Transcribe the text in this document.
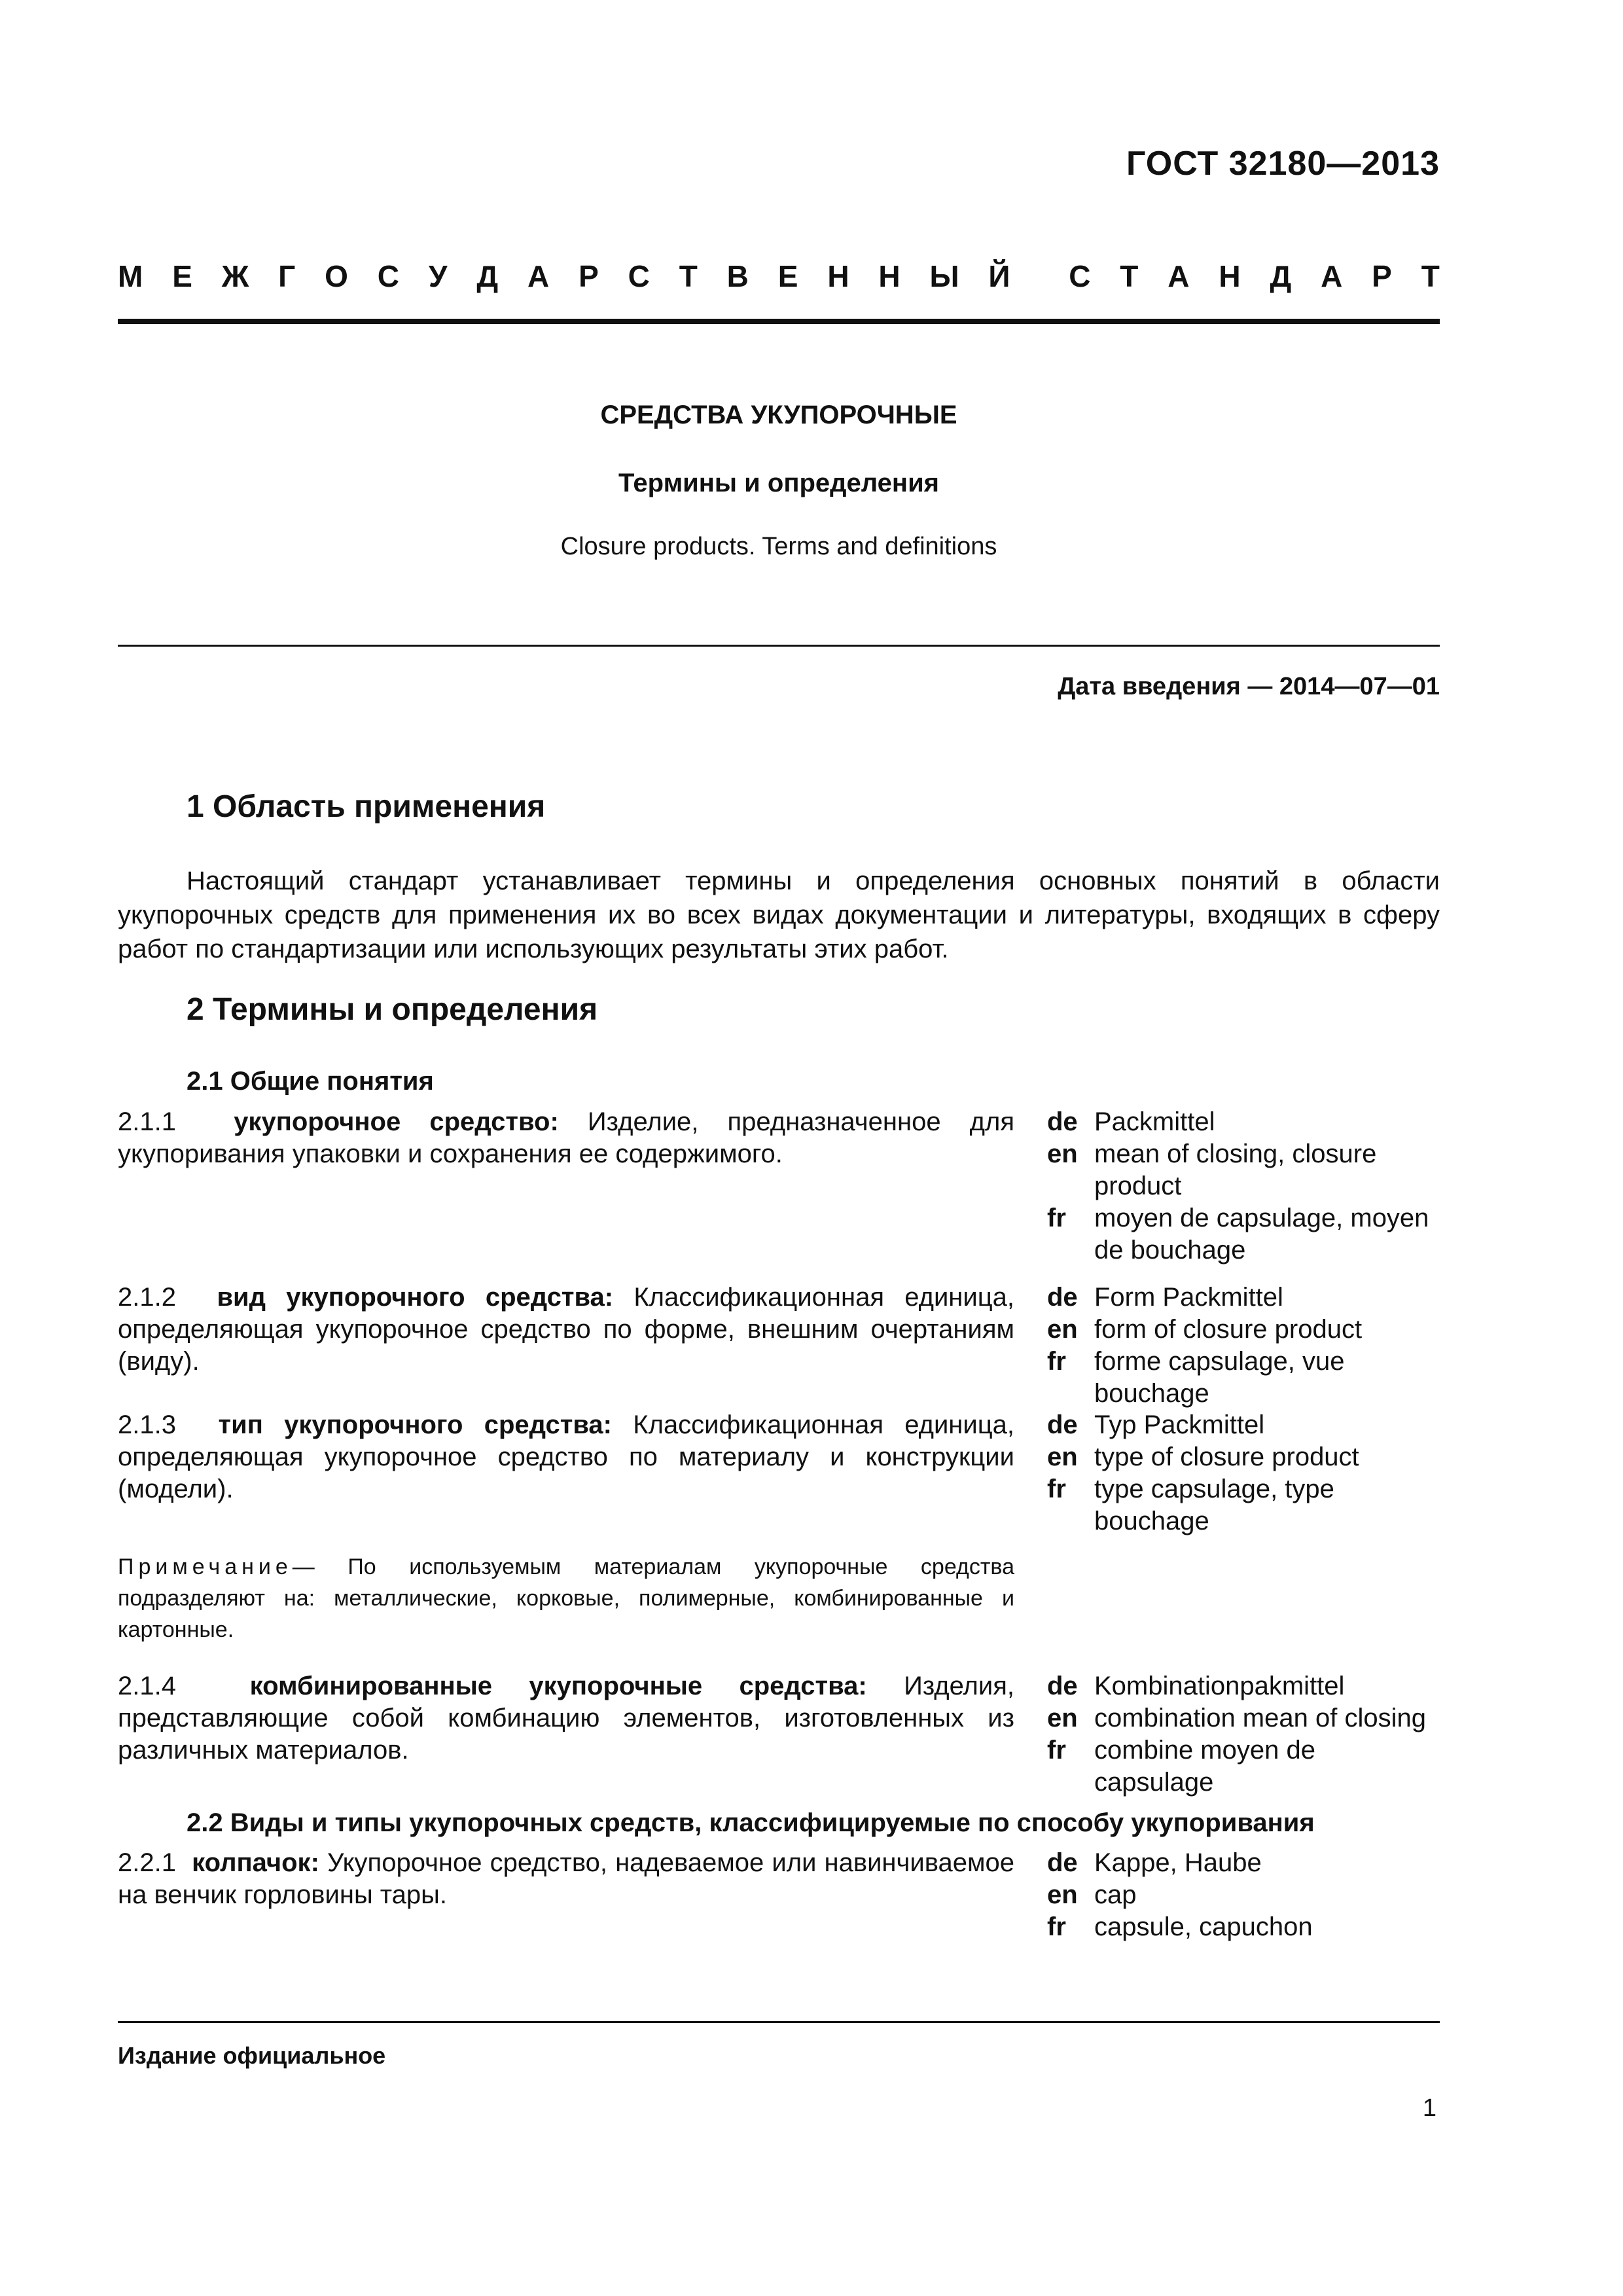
ГОСТ 32180—2013
М Е Ж Г О С У Д А Р С Т В Е Н Н Ы Й С Т А Н Д А Р Т
СРЕДСТВА УКУПОРОЧНЫЕ
Термины и определения
Closure products. Terms and definitions
Дата введения — 2014—07—01
1 Область применения
Настоящий стандарт устанавливает термины и определения основных понятий в области укупорочных средств для применения их во всех видах документации и литературы, входящих в сферу работ по стандартизации или использующих результаты этих работ.
2 Термины и определения
2.1 Общие понятия
2.1.1 укупорочное средство: Изделие, предназначенное для укупоривания упаковки и сохранения ее содержимого.
de Packmittel
en mean of closing, closure product
fr	moyen de capsulage, moyen de bouchage
2.1.2 вид укупорочного средства: Классификационная единица, определяющая укупорочное средство по форме, внешним очертаниям (виду).
de Form Packmittel
en form of closure product
fr	forme capsulage, vue bouchage
2.1.3 тип укупорочного средства: Классификационная единица, определяющая укупорочное средство по материалу и конструкции (модели).
de Typ Packmittel
en type of closure product
fr	type capsulage, type bouchage
Примечание— По используемым материалам укупорочные средства подразделяют на: металлические, корковые, полимерные, комбинированные и картонные.
2.1.4	комбинированные укупорочные средства: Изделия, представляющие собой комбинацию элементов, изготовленных из различных материалов.
de Kombinationpakmittel
en combination mean of closing
fr	combine moyen de capsulage
2.2 Виды и типы укупорочных средств, классифицируемые по способу укупоривания
2.2.1 колпачок: Укупорочное средство, надеваемое или навинчиваемое на венчик горловины тары.
de Kappe, Haube
en cap
fr	capsule, capuchon
Издание официальное
1
